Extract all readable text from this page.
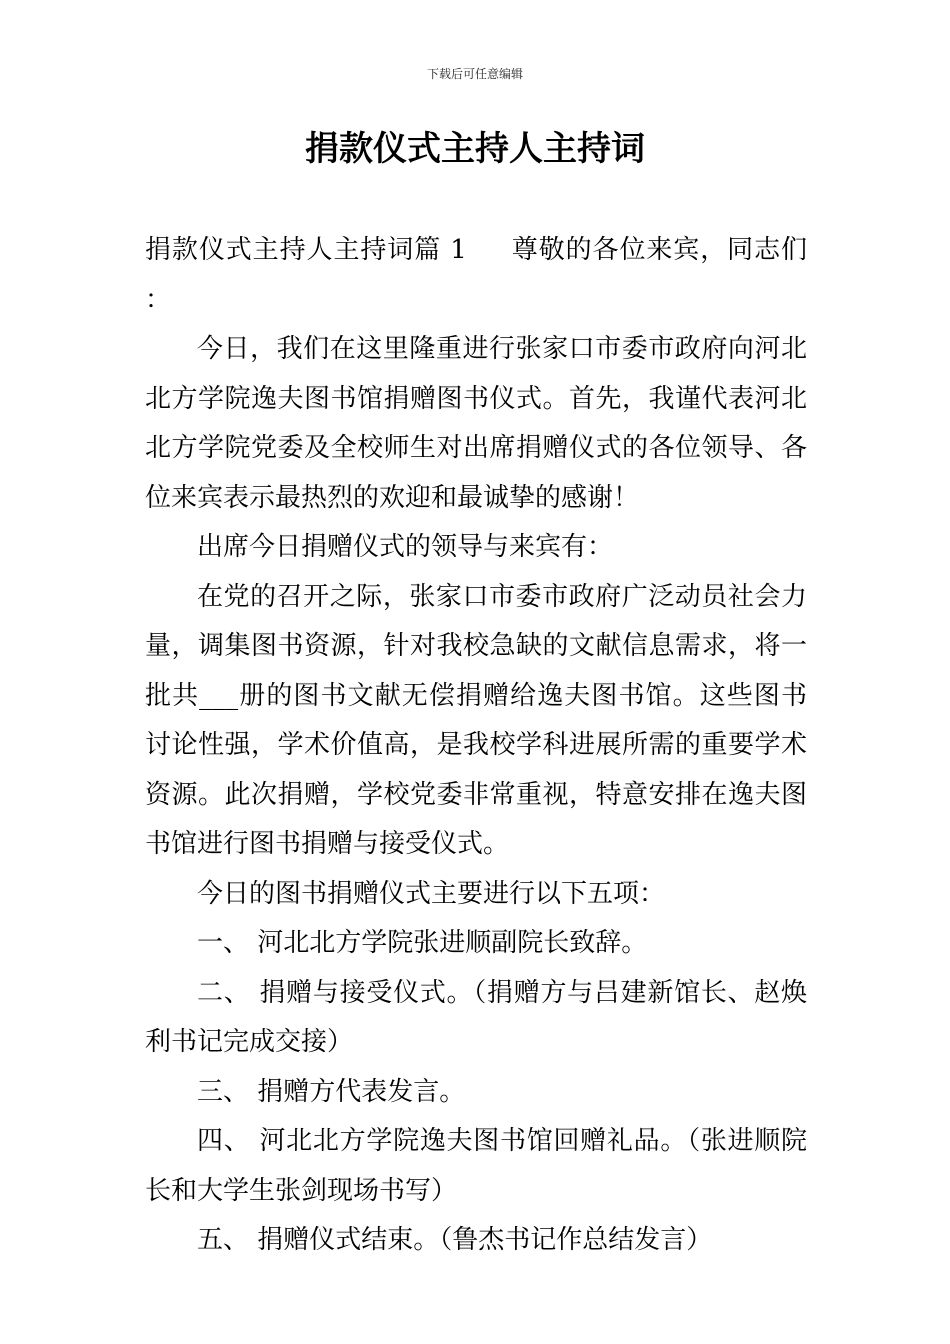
下载后可任意编辑
捐款仪式主持人主持词

捐款仪式主持人主持词篇 1 尊敬的各位来宾，同志们：

今日，我们在这里隆重进行张家口市委市政府向河北北方学院逸夫图书馆捐赠图书仪式。首先，我谨代表河北北方学院党委及全校师生对出席捐赠仪式的各位领导、各位来宾表示最热烈的欢迎和最诚挚的感谢！

出席今日捐赠仪式的领导与来宾有：

在党的召开之际，张家口市委市政府广泛动员社会力量，调集图书资源，针对我校急缺的文献信息需求，将一批共___册的图书文献无偿捐赠给逸夫图书馆。这些图书讨论性强，学术价值高，是我校学科进展所需的重要学术资源。此次捐赠，学校党委非常重视，特意安排在逸夫图书馆进行图书捐赠与接受仪式。

今日的图书捐赠仪式主要进行以下五项：

一、 河北北方学院张进顺副院长致辞。

二、 捐赠与接受仪式。（捐赠方与吕建新馆长、赵焕利书记完成交接）

三、 捐赠方代表发言。

四、 河北北方学院逸夫图书馆回赠礼品。（张进顺院长和大学生张剑现场书写）

五、 捐赠仪式结束。（鲁杰书记作总结发言）
